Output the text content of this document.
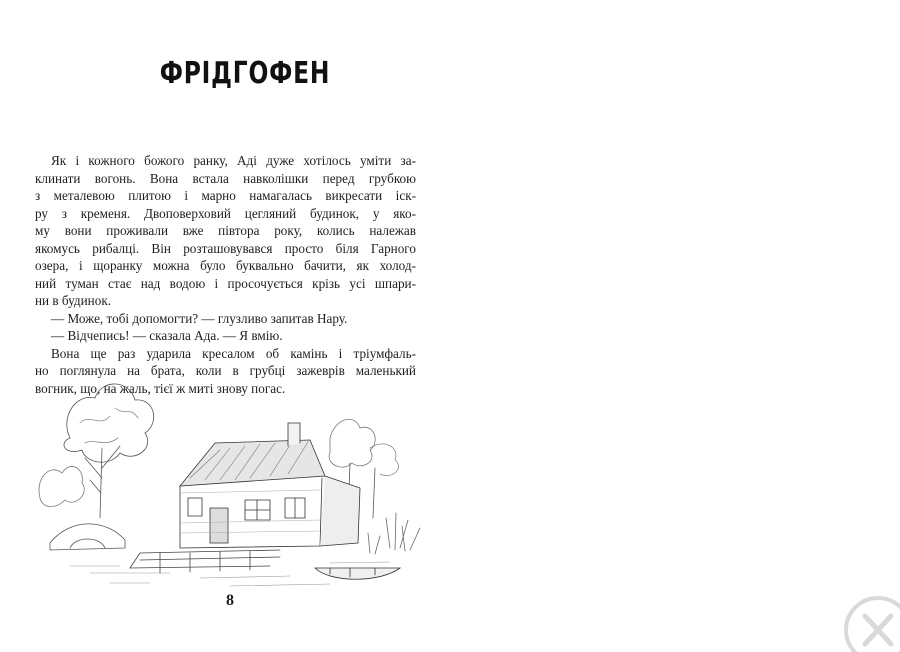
ФРІДГОФЕН
Як і кожного божого ранку, Аді дуже хотілось уміти за-
клинати вогонь. Вона встала навколішки перед грубкою
з металевою плитою і марно намагалась викресати іск-
ру з кременя. Двоповерховий цегляний будинок, у яко-
му вони проживали вже півтора року, колись належав
якомусь рибалці. Він розташовувався просто біля Гарного
озера, і щоранку можна було буквально бачити, як холод-
ний туман стає над водою і просочується крізь усі шпари-
ни в будинок.
— Може, тобі допомогти? — глузливо запитав Нару.
— Відчепись! — сказала Ада. — Я вмію.
Вона ще раз ударила кресалом об камінь і тріумфаль-
но поглянула на брата, коли в грубці зажеврів маленький
вогник, що, на жаль, тієї ж миті знову погас.
8
